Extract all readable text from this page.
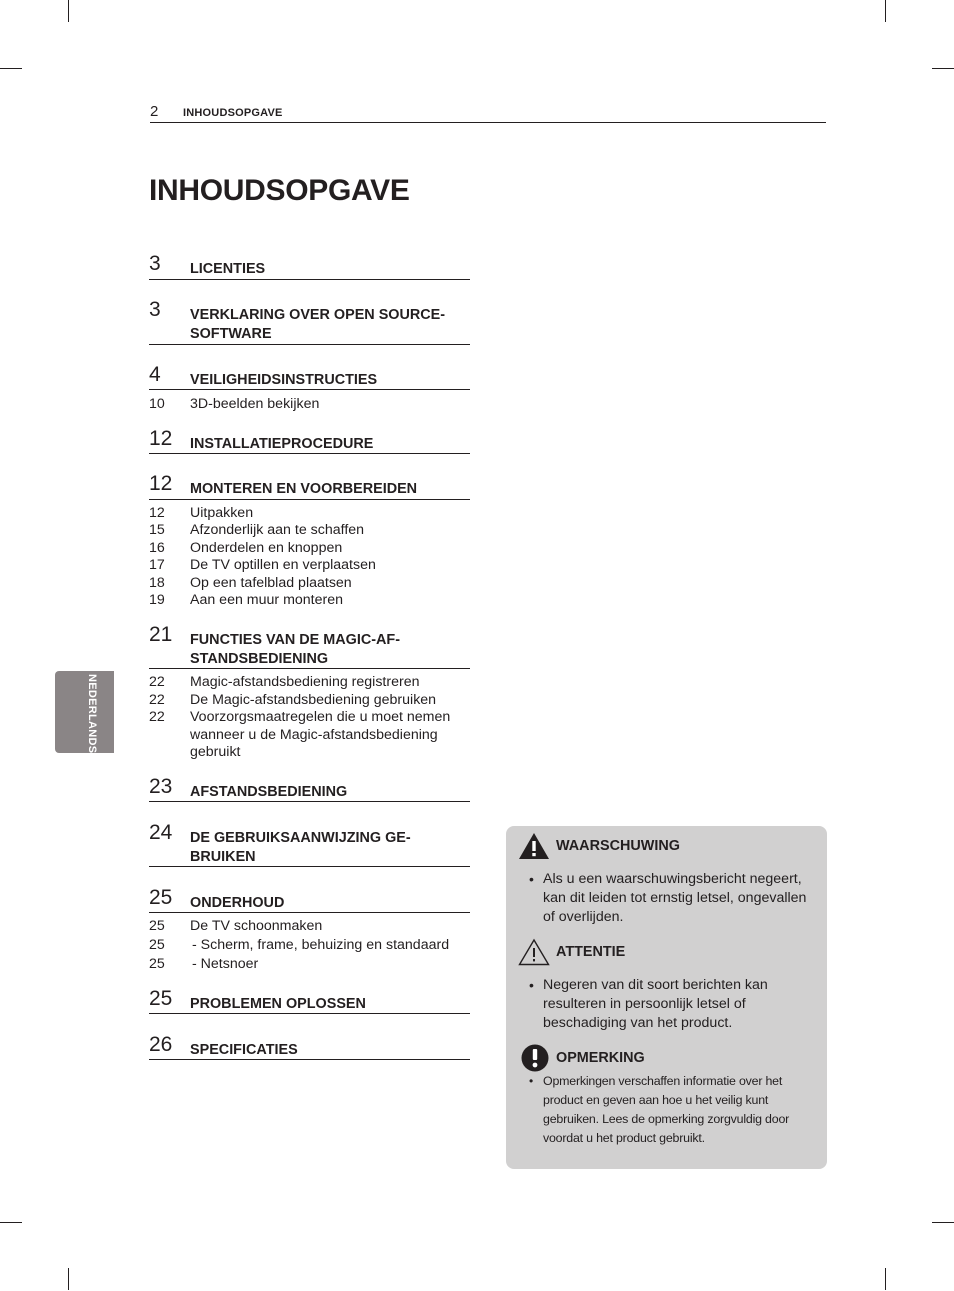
2 INHOUDSOPGAVE
INHOUDSOPGAVE
NEDERLANDS
3 LICENTIES
3 VERKLARING OVER OPEN SOURCE-SOFTWARE
4 VEILIGHEIDSINSTRUCTIES
10 3D-beelden bekijken
12 INSTALLATIEPROCEDURE
12 MONTEREN EN VOORBEREIDEN
12 Uitpakken
15 Afzonderlijk aan te schaffen
16 Onderdelen en knoppen
17 De TV optillen en verplaatsen
18 Op een tafelblad plaatsen
19 Aan een muur monteren
21 FUNCTIES VAN DE MAGIC-AF-STANDSBEDIENING
22 Magic-afstandsbediening registreren
22 De Magic-afstandsbediening gebruiken
22 Voorzorgsmaatregelen die u moet nemen wanneer u de Magic-afstandsbediening gebruikt
23 AFSTANDSBEDIENING
24 DE GEBRUIKSAANWIJZING GE-BRUIKEN
25 ONDERHOUD
25 De TV schoonmaken
25 - Scherm, frame, behuizing en standaard
25 - Netsnoer
25 PROBLEMEN OPLOSSEN
26 SPECIFICATIES
WAARSCHUWING
• Als u een waarschuwingsbericht negeert, kan dit leiden tot ernstig letsel, ongevallen of overlijden.
ATTENTIE
• Negeren van dit soort berichten kan resulteren in persoonlijk letsel of beschadiging van het product.
OPMERKING
• Opmerkingen verschaffen informatie over het product en geven aan hoe u het veilig kunt gebruiken. Lees de opmerking zorgvuldig door voordat u het product gebruikt.
